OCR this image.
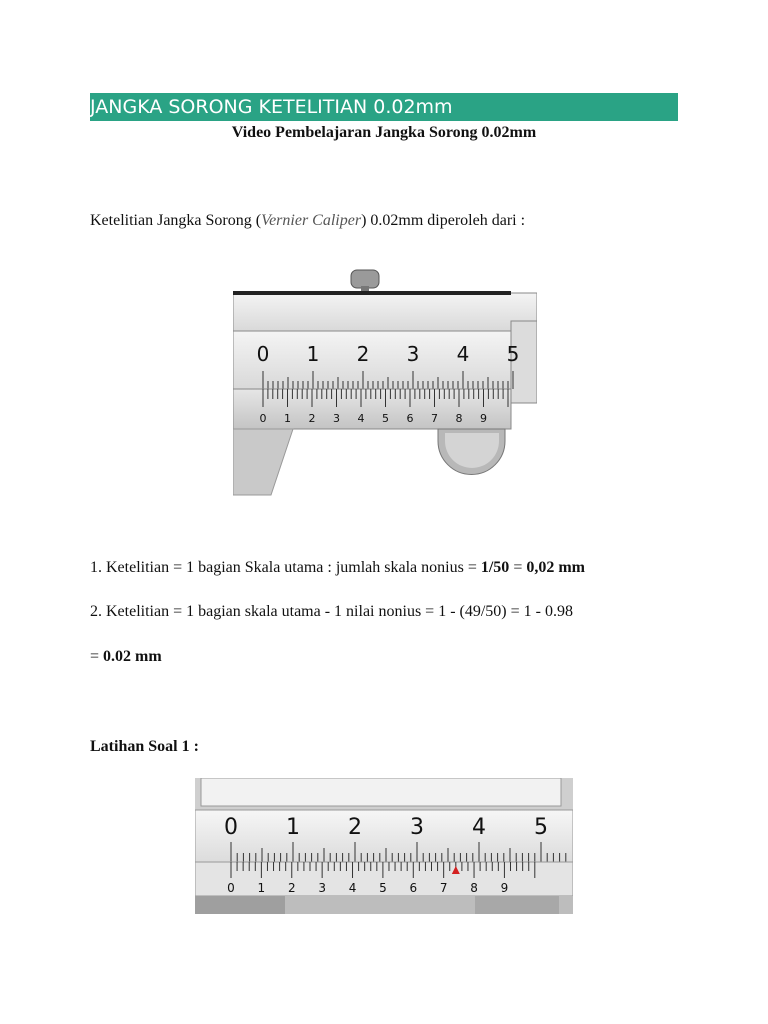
JANGKA SORONG KETELITIAN 0.02mm
Video Pembelajaran Jangka Sorong 0.02mm
Ketelitian Jangka Sorong (Vernier Caliper) 0.02mm diperoleh dari :
0 1 2 3 4 5
0 1 2 3 4 5 6 7 8 9
1. Ketelitian = 1 bagian Skala utama : jumlah skala nonius = 1/50 = 0,02 mm
2. Ketelitian = 1 bagian skala utama - 1 nilai nonius = 1 - (49/50) = 1 - 0.98
= 0.02 mm
Latihan Soal 1 :
0 1 2 3 4 5
0 1 2 3 4 5 6 7 8 9
